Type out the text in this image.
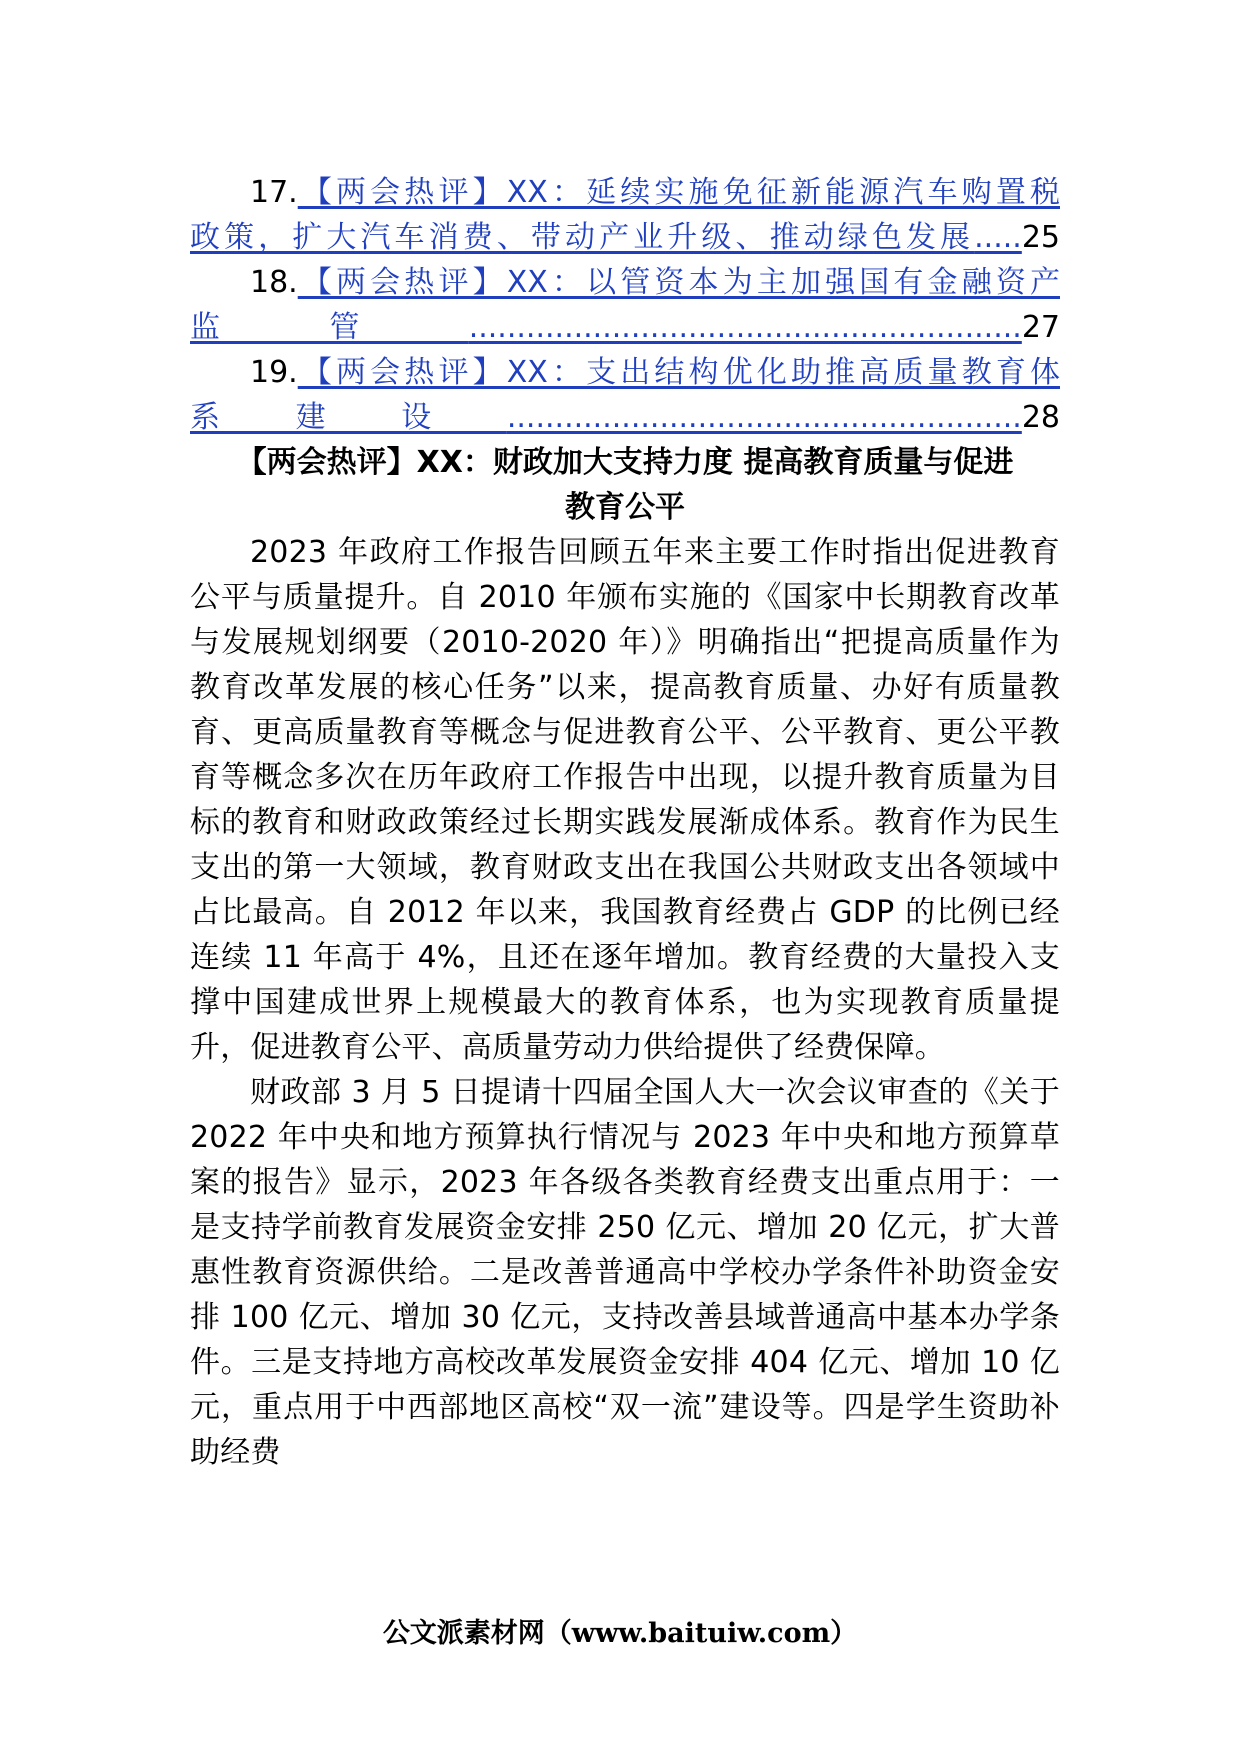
17.【两会热评】XX：延续实施免征新能源汽车购置税
政策，扩大汽车消费、带动产业升级、推动绿色发展.....25

18.【两会热评】XX：以管资本为主加强国有金融资产
监管..........................................................27

19.【两会热评】XX：支出结构优化助推高质量教育体
系建设......................................................28

【两会热评】XX：财政加大支持力度 提高教育质量与促进
教育公平

2023 年政府工作报告回顾五年来主要工作时指出促进教育公平与质量提升。自 2010 年颁布实施的《国家中长期教育改革与发展规划纲要（2010-2020 年）》明确指出“把提高质量作为教育改革发展的核心任务”以来，提高教育质量、办好有质量教育、更高质量教育等概念与促进教育公平、公平教育、更公平教育等概念多次在历年政府工作报告中出现，以提升教育质量为目标的教育和财政政策经过长期实践发展渐成体系。教育作为民生支出的第一大领域，教育财政支出在我国公共财政支出各领域中占比最高。自 2012 年以来，我国教育经费占 GDP 的比例已经连续 11 年高于 4%，且还在逐年增加。教育经费的大量投入支撑中国建成世界上规模最大的教育体系，也为实现教育质量提升，促进教育公平、高质量劳动力供给提供了经费保障。

财政部 3 月 5 日提请十四届全国人大一次会议审查的《关于 2022 年中央和地方预算执行情况与 2023 年中央和地方预算草案的报告》显示，2023 年各级各类教育经费支出重点用于：一是支持学前教育发展资金安排 250 亿元、增加 20 亿元，扩大普惠性教育资源供给。二是改善普通高中学校办学条件补助资金安排 100 亿元、增加 30 亿元，支持改善县域普通高中基本办学条件。三是支持地方高校改革发展资金安排 404 亿元、增加 10 亿元，重点用于中西部地区高校“双一流”建设等。四是学生资助补助经费

公文派素材网（www.baituiw.com）
